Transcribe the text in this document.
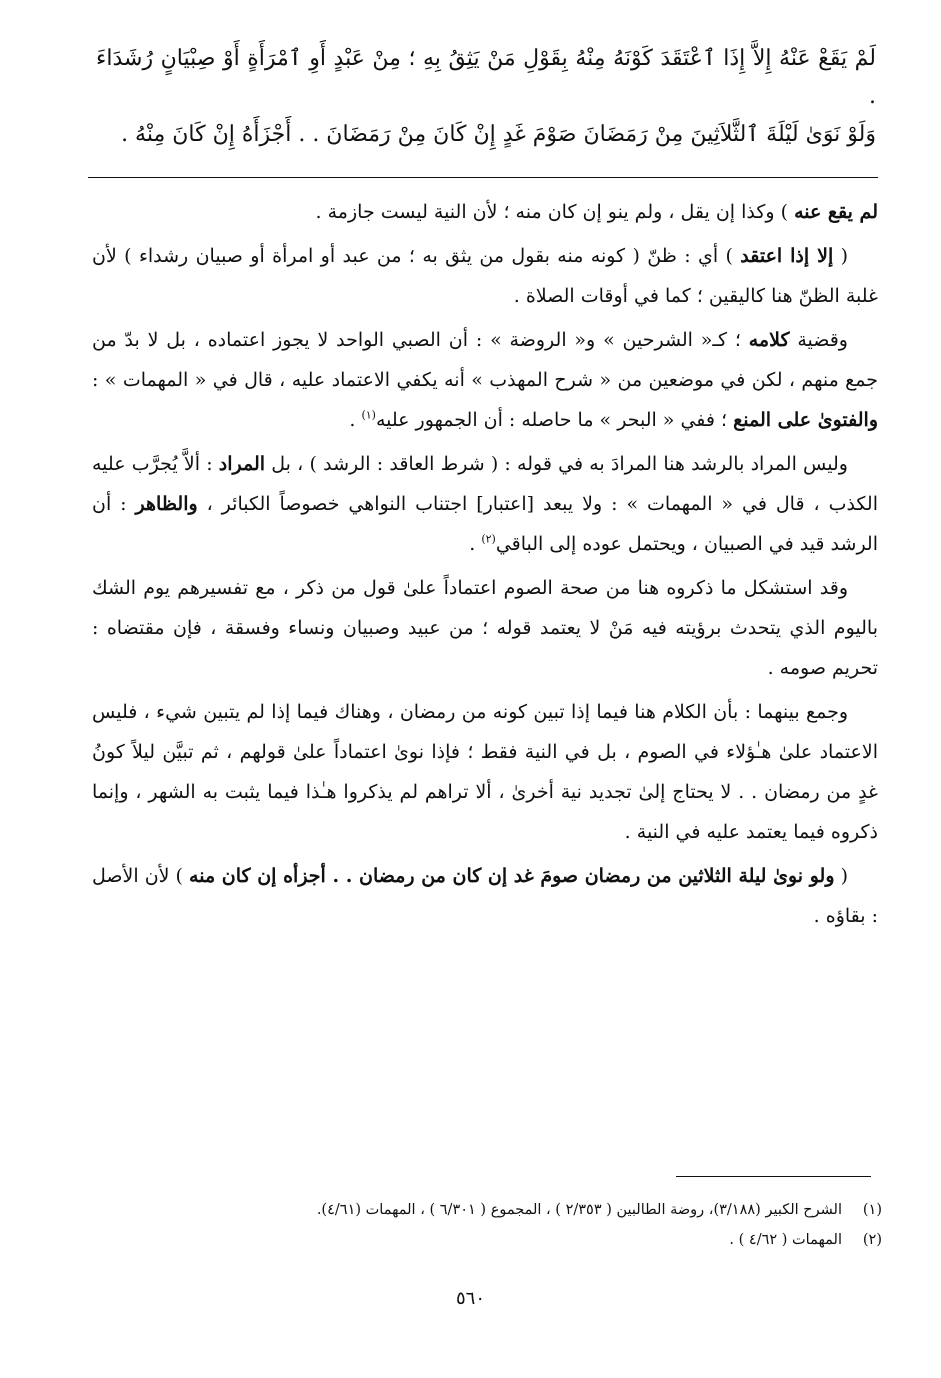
لَمْ يَقَعْ عَنْهُ إِلاَّ إِذَا ٱعْتَقَدَ كَوْنَهُ مِنْهُ بِقَوْلِ مَنْ يَثِقُ بِهِ ؛ مِنْ عَبْدٍ أَوِ ٱمْرَأَةٍ أَوْ صِبْيَانٍ رُشَدَاءَ .

وَلَوْ نَوَىٰ لَيْلَةَ ٱلثَّلاَثِينَ مِنْ رَمَضَانَ صَوْمَ غَدٍ إِنْ كَانَ مِنْ رَمَضَانَ . . أَجْزَأَهُ إِنْ كَانَ مِنْهُ .

لم يقع عنه ) وكذا إن يقل ، ولم ينو إن كان منه ؛ لأن النية ليست جازمة .

( إلا إذا اعتقد ) أي : ظنّ ( كونه منه بقول من يثق به ؛ من عبد أو امرأة أو صبيان رشداء ) لأن غلبة الظنّ هنا كاليقين ؛ كما في أوقات الصلاة .

وقضية كلامه ؛ كـ« الشرحين » و« الروضة » : أن الصبي الواحد لا يجوز اعتماده ، بل لا بدّ من جمع منهم ، لكن في موضعين من « شرح المهذب » أنه يكفي الاعتماد عليه ، قال في « المهمات » : والفتوىٰ على المنع ؛ ففي « البحر » ما حاصله : أن الجمهور عليه$^{(١)}$ .

وليس المراد بالرشد هنا المرادَ به في قوله : ( شرط العاقد : الرشد ) ، بل المراد : ألاَّ يُجرَّب عليه الكذب ، قال في « المهمات » : ولا يبعد [اعتبار] اجتناب النواهي خصوصاً الكبائر ، والظاهر : أن الرشد قيد في الصبيان ، ويحتمل عوده إلى الباقي$^{(٢)}$ .

وقد استشكل ما ذكروه هنا من صحة الصوم اعتماداً علىٰ قول من ذكر ، مع تفسيرهم يوم الشك باليوم الذي يتحدث برؤيته فيه مَنْ لا يعتمد قوله ؛ من عبيد وصبيان ونساء وفسقة ، فإن مقتضاه : تحريم صومه .

وجمع بينهما : بأن الكلام هنا فيما إذا تبين كونه من رمضان ، وهناك فيما إذا لم يتبين شيء ، فليس الاعتماد علىٰ هـٰؤلاء في الصوم ، بل في النية فقط ؛ فإذا نوىٰ اعتماداً علىٰ قولهم ، ثم تبيَّن ليلاً كونُ غدٍ من رمضان . . لا يحتاج إلىٰ تجديد نية أخرىٰ ، ألا تراهم لم يذكروا هـٰذا فيما يثبت به الشهر ، وإنما ذكروه فيما يعتمد عليه في النية .

( ولو نوىٰ ليلة الثلاثين من رمضان صومَ غد إن كان من رمضان . . أجزأه إن كان منه ) لأن الأصل : بقاؤه .

(١)الشرح الكبير (٣/١٨٨)، روضة الطالبين ( ٢/٣٥٣ ) ، المجموع ( ٦/٣٠١ ) ، المهمات (٤/٦١).

(٢)المهمات ( ٤/٦٢ ) .

٥٦٠
